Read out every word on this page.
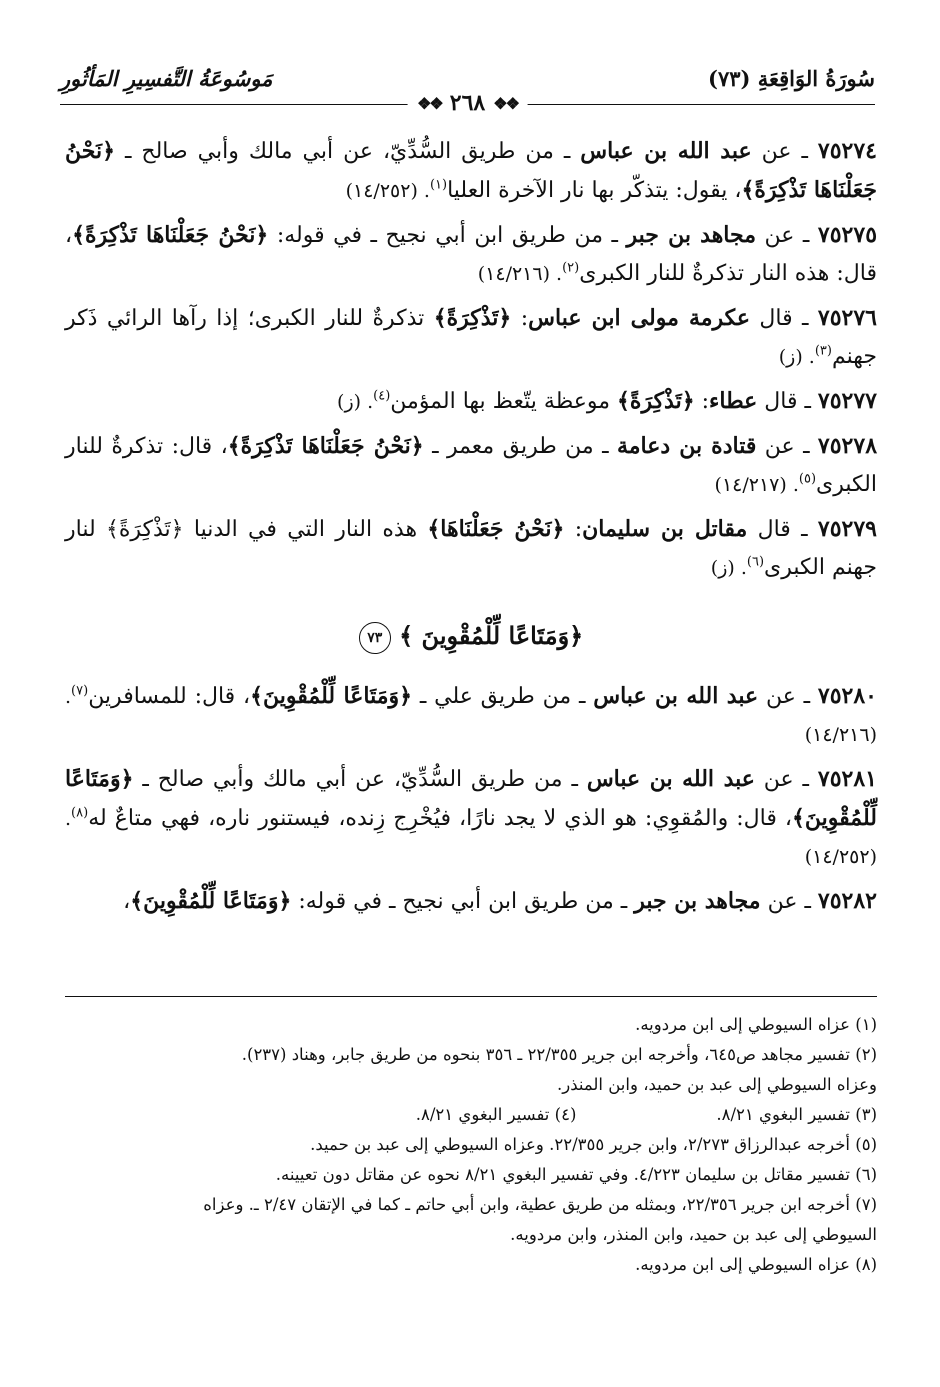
سُورَةُ الوَاقِعَةِ (٧٣)
مَوسُوعَةُ التَّفسِيرِ المَأثُورِ
❖❖
٢٦٨
❖❖

٧٥٢٧٤ ـ عن عبد الله بن عباس ـ من طريق السُّدِّيّ، عن أبي مالك وأبي صالح ـ ﴿نَحْنُ جَعَلْنَاهَا تَذْكِرَةً﴾، يقول: يتذكّر بها نار الآخرة العليا$^{(١)}$. (١٤/٢٥٢)

٧٥٢٧٥ ـ عن مجاهد بن جبر ـ من طريق ابن أبي نجيح ـ في قوله: ﴿نَحْنُ جَعَلْنَاهَا تَذْكِرَةً﴾، قال: هذه النار تذكرةٌ للنار الكبرى$^{(٢)}$. (١٤/٢١٦)

٧٥٢٧٦ ـ قال عكرمة مولى ابن عباس: ﴿تَذْكِرَةً﴾ تذكرةٌ للنار الكبرى؛ إذا رآها الرائي ذَكر جهنم$^{(٣)}$. (ز)

٧٥٢٧٧ ـ قال عطاء: ﴿تَذْكِرَةً﴾ موعظة يتّعظ بها المؤمن$^{(٤)}$. (ز)

٧٥٢٧٨ ـ عن قتادة بن دعامة ـ من طريق معمر ـ ﴿نَحْنُ جَعَلْنَاهَا تَذْكِرَةً﴾، قال: تذكرةٌ للنار الكبرى$^{(٥)}$. (١٤/٢١٧)

٧٥٢٧٩ ـ قال مقاتل بن سليمان: ﴿نَحْنُ جَعَلْنَاهَا﴾ هذه النار التي في الدنيا ﴿تَذْكِرَةً﴾ لنار جهنم الكبرى$^{(٦)}$. (ز)

﴿وَمَتَاعًا لِّلْمُقْوِينَ ﴾ ٧٣

٧٥٢٨٠ ـ عن عبد الله بن عباس ـ من طريق علي ـ ﴿وَمَتَاعًا لِّلْمُقْوِينَ﴾، قال: للمسافرين$^{(٧)}$. (١٤/٢١٦)

٧٥٢٨١ ـ عن عبد الله بن عباس ـ من طريق السُّدِّيّ، عن أبي مالك وأبي صالح ـ ﴿وَمَتَاعًا لِّلْمُقْوِينَ﴾، قال: والمُقوِي: هو الذي لا يجد نارًا، فيُخْرِج زِنده، فيستنور ناره، فهي متاعٌ له$^{(٨)}$. (١٤/٢٥٢)

٧٥٢٨٢ ـ عن مجاهد بن جبر ـ من طريق ابن أبي نجيح ـ في قوله: ﴿وَمَتَاعًا لِّلْمُقْوِينَ﴾،

(١) عزاه السيوطي إلى ابن مردويه.

(٢) تفسير مجاهد ص٦٤٥، وأخرجه ابن جرير ٢٢/٣٥٥ ـ ٣٥٦ بنحوه من طريق جابر، وهناد (٢٣٧).

وعزاه السيوطي إلى عبد بن حميد، وابن المنذر.

(٣) تفسير البغوي ٨/٢١.

(٤) تفسير البغوي ٨/٢١.

(٥) أخرجه عبدالرزاق ٢/٢٧٣، وابن جرير ٢٢/٣٥٥. وعزاه السيوطي إلى عبد بن حميد.

(٦) تفسير مقاتل بن سليمان ٤/٢٢٣. وفي تفسير البغوي ٨/٢١ نحوه عن مقاتل دون تعيينه.

(٧) أخرجه ابن جرير ٢٢/٣٥٦، وبمثله من طريق عطية، وابن أبي حاتم ـ كما في الإتقان ٢/٤٧ ـ. وعزاه

السيوطي إلى عبد بن حميد، وابن المنذر، وابن مردويه.

(٨) عزاه السيوطي إلى ابن مردويه.
